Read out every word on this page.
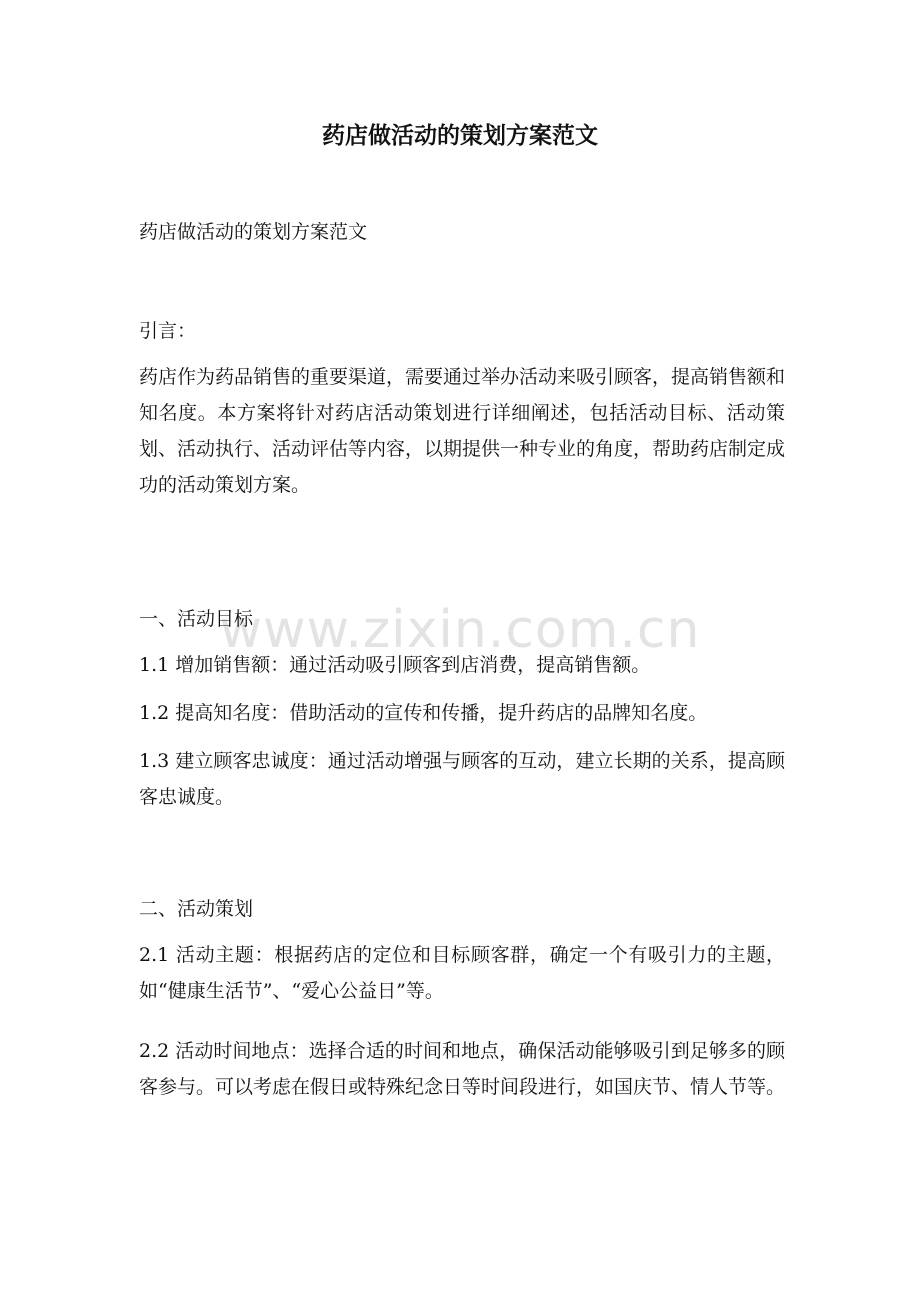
www.zixin.com.cn
药店做活动的策划方案范文

药店做活动的策划方案范文

引言：

药店作为药品销售的重要渠道，需要通过举办活动来吸引顾客，提高销售额和知名度。本方案将针对药店活动策划进行详细阐述，包括活动目标、活动策划、活动执行、活动评估等内容，以期提供一种专业的角度，帮助药店制定成功的活动策划方案。

一、活动目标

1.1 增加销售额：通过活动吸引顾客到店消费，提高销售额。

1.2 提高知名度：借助活动的宣传和传播，提升药店的品牌知名度。

1.3 建立顾客忠诚度：通过活动增强与顾客的互动，建立长期的关系，提高顾客忠诚度。

二、活动策划

2.1 活动主题：根据药店的定位和目标顾客群，确定一个有吸引力的主题，如“健康生活节”、“爱心公益日”等。

2.2 活动时间地点：选择合适的时间和地点，确保活动能够吸引到足够多的顾客参与。可以考虑在假日或特殊纪念日等时间段进行，如国庆节、情人节等。
